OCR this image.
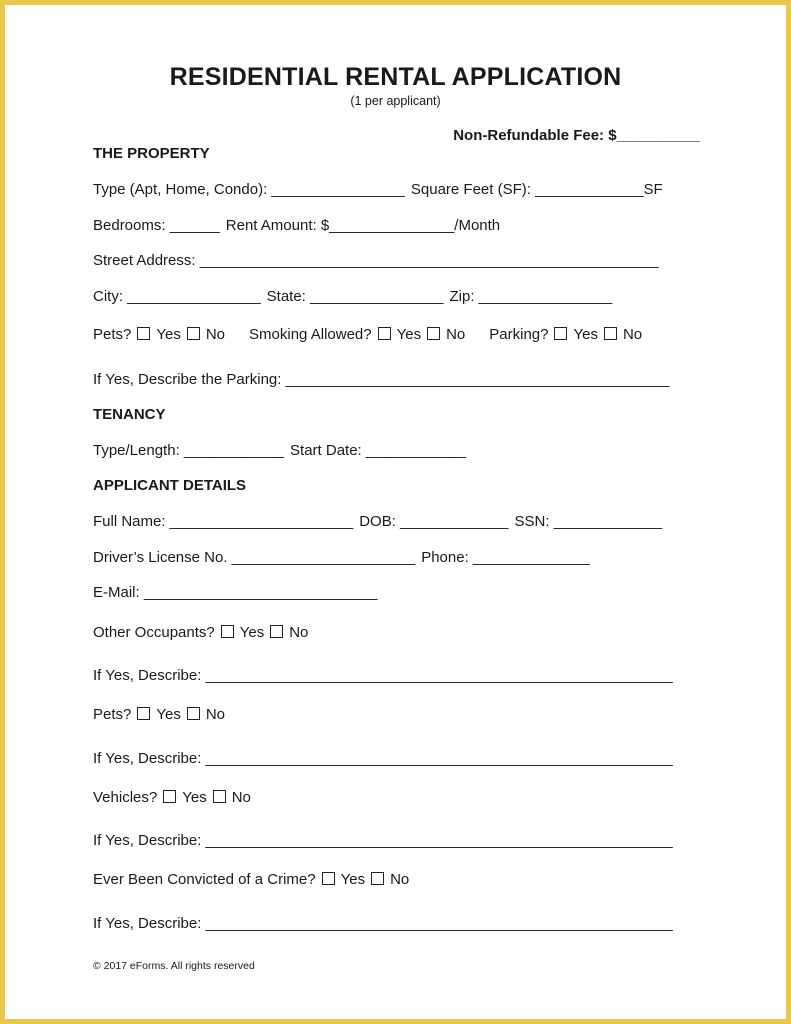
RESIDENTIAL RENTAL APPLICATION
(1 per applicant)
Non-Refundable Fee: $__________
THE PROPERTY
Type (Apt, Home, Condo): ________________ Square Feet (SF): _____________SF
Bedrooms: ______ Rent Amount: $_______________/Month
Street Address: _______________________________________________________
City: ________________ State: ________________ Zip: ________________
Pets? Yes No Smoking Allowed? Yes No Parking? Yes No
If Yes, Describe the Parking: ______________________________________________
TENANCY
Type/Length: ____________ Start Date: ____________
APPLICANT DETAILS
Full Name: ______________________ DOB: _____________ SSN: _____________
Driver’s License No. ______________________ Phone: ______________
E-Mail: ____________________________
Other Occupants? Yes No
If Yes, Describe: ________________________________________________________
Pets? Yes No
If Yes, Describe: ________________________________________________________
Vehicles? Yes No
If Yes, Describe: ________________________________________________________
Ever Been Convicted of a Crime? Yes No
If Yes, Describe: ________________________________________________________
© 2017 eForms. All rights reserved
